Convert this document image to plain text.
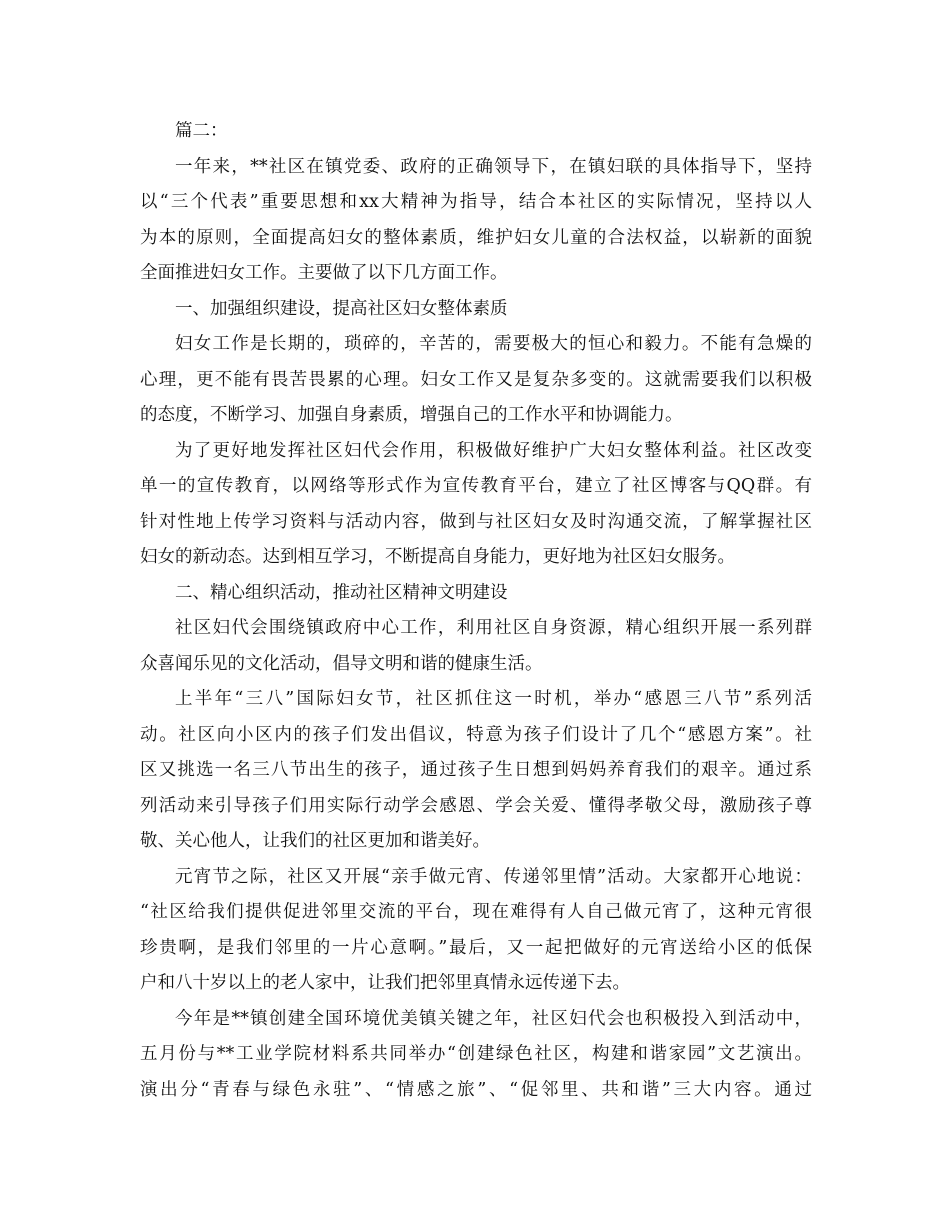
篇二：
一年来，**社区在镇党委、政府的正确领导下，在镇妇联的具体指导下，坚持
以“三个代表”重要思想和xx大精神为指导，结合本社区的实际情况，坚持以人
为本的原则，全面提高妇女的整体素质，维护妇女儿童的合法权益，以崭新的面貌
全面推进妇女工作。主要做了以下几方面工作。
一、加强组织建设，提高社区妇女整体素质
妇女工作是长期的，琐碎的，辛苦的，需要极大的恒心和毅力。不能有急燥的
心理，更不能有畏苦畏累的心理。妇女工作又是复杂多变的。这就需要我们以积极
的态度，不断学习、加强自身素质，增强自己的工作水平和协调能力。
为了更好地发挥社区妇代会作用，积极做好维护广大妇女整体利益。社区改变
单一的宣传教育，以网络等形式作为宣传教育平台，建立了社区博客与QQ群。有
针对性地上传学习资料与活动内容，做到与社区妇女及时沟通交流，了解掌握社区
妇女的新动态。达到相互学习，不断提高自身能力，更好地为社区妇女服务。
二、精心组织活动，推动社区精神文明建设
社区妇代会围绕镇政府中心工作，利用社区自身资源，精心组织开展一系列群
众喜闻乐见的文化活动，倡导文明和谐的健康生活。
上半年“三八”国际妇女节，社区抓住这一时机，举办“感恩三八节”系列活
动。社区向小区内的孩子们发出倡议，特意为孩子们设计了几个“感恩方案”。社
区又挑选一名三八节出生的孩子，通过孩子生日想到妈妈养育我们的艰辛。通过系
列活动来引导孩子们用实际行动学会感恩、学会关爱、懂得孝敬父母，激励孩子尊
敬、关心他人，让我们的社区更加和谐美好。
元宵节之际，社区又开展“亲手做元宵、传递邻里情”活动。大家都开心地说：
“社区给我们提供促进邻里交流的平台，现在难得有人自己做元宵了，这种元宵很
珍贵啊，是我们邻里的一片心意啊。”最后，又一起把做好的元宵送给小区的低保
户和八十岁以上的老人家中，让我们把邻里真情永远传递下去。
今年是**镇创建全国环境优美镇关键之年，社区妇代会也积极投入到活动中，
五月份与**工业学院材料系共同举办“创建绿色社区，构建和谐家园”文艺演出。
演出分“青春与绿色永驻”、“情感之旅”、“促邻里、共和谐”三大内容。通过
